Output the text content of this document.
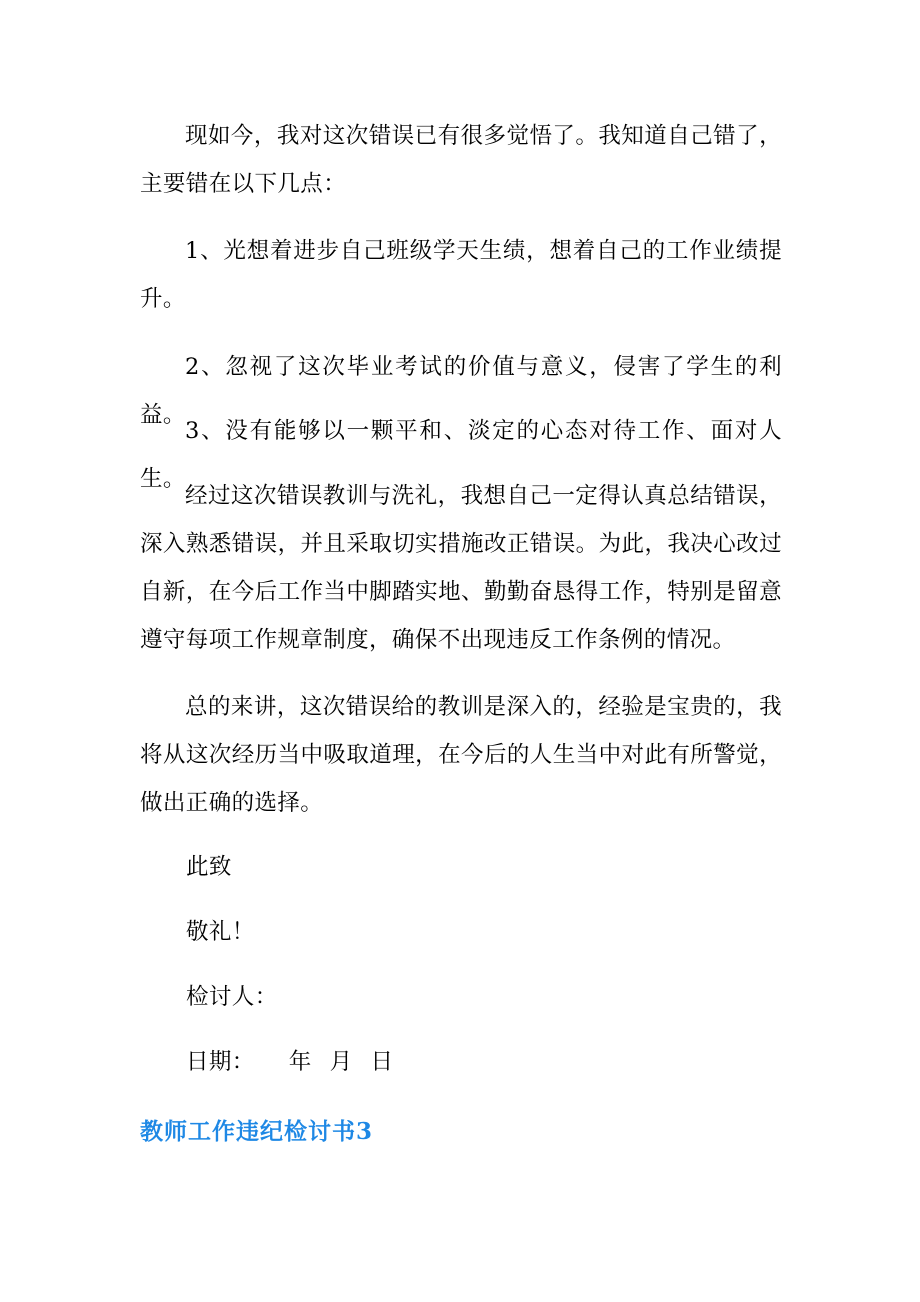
现如今，我对这次错误已有很多觉悟了。我知道自己错了，主要错在以下几点：

1、光想着进步自己班级学天生绩，想着自己的工作业绩提升。

2、忽视了这次毕业考试的价值与意义，侵害了学生的利益。

3、没有能够以一颗平和、淡定的心态对待工作、面对人生。

经过这次错误教训与洗礼，我想自己一定得认真总结错误，深入熟悉错误，并且采取切实措施改正错误。为此，我决心改过自新，在今后工作当中脚踏实地、勤勤奋恳得工作，特别是留意遵守每项工作规章制度，确保不出现违反工作条例的情况。

总的来讲，这次错误给的教训是深入的，经验是宝贵的，我将从这次经历当中吸取道理，在今后的人生当中对此有所警觉，做出正确的选择。

此致

敬礼！

检讨人：

日期： 年 月 日

教师工作违纪检讨书3
